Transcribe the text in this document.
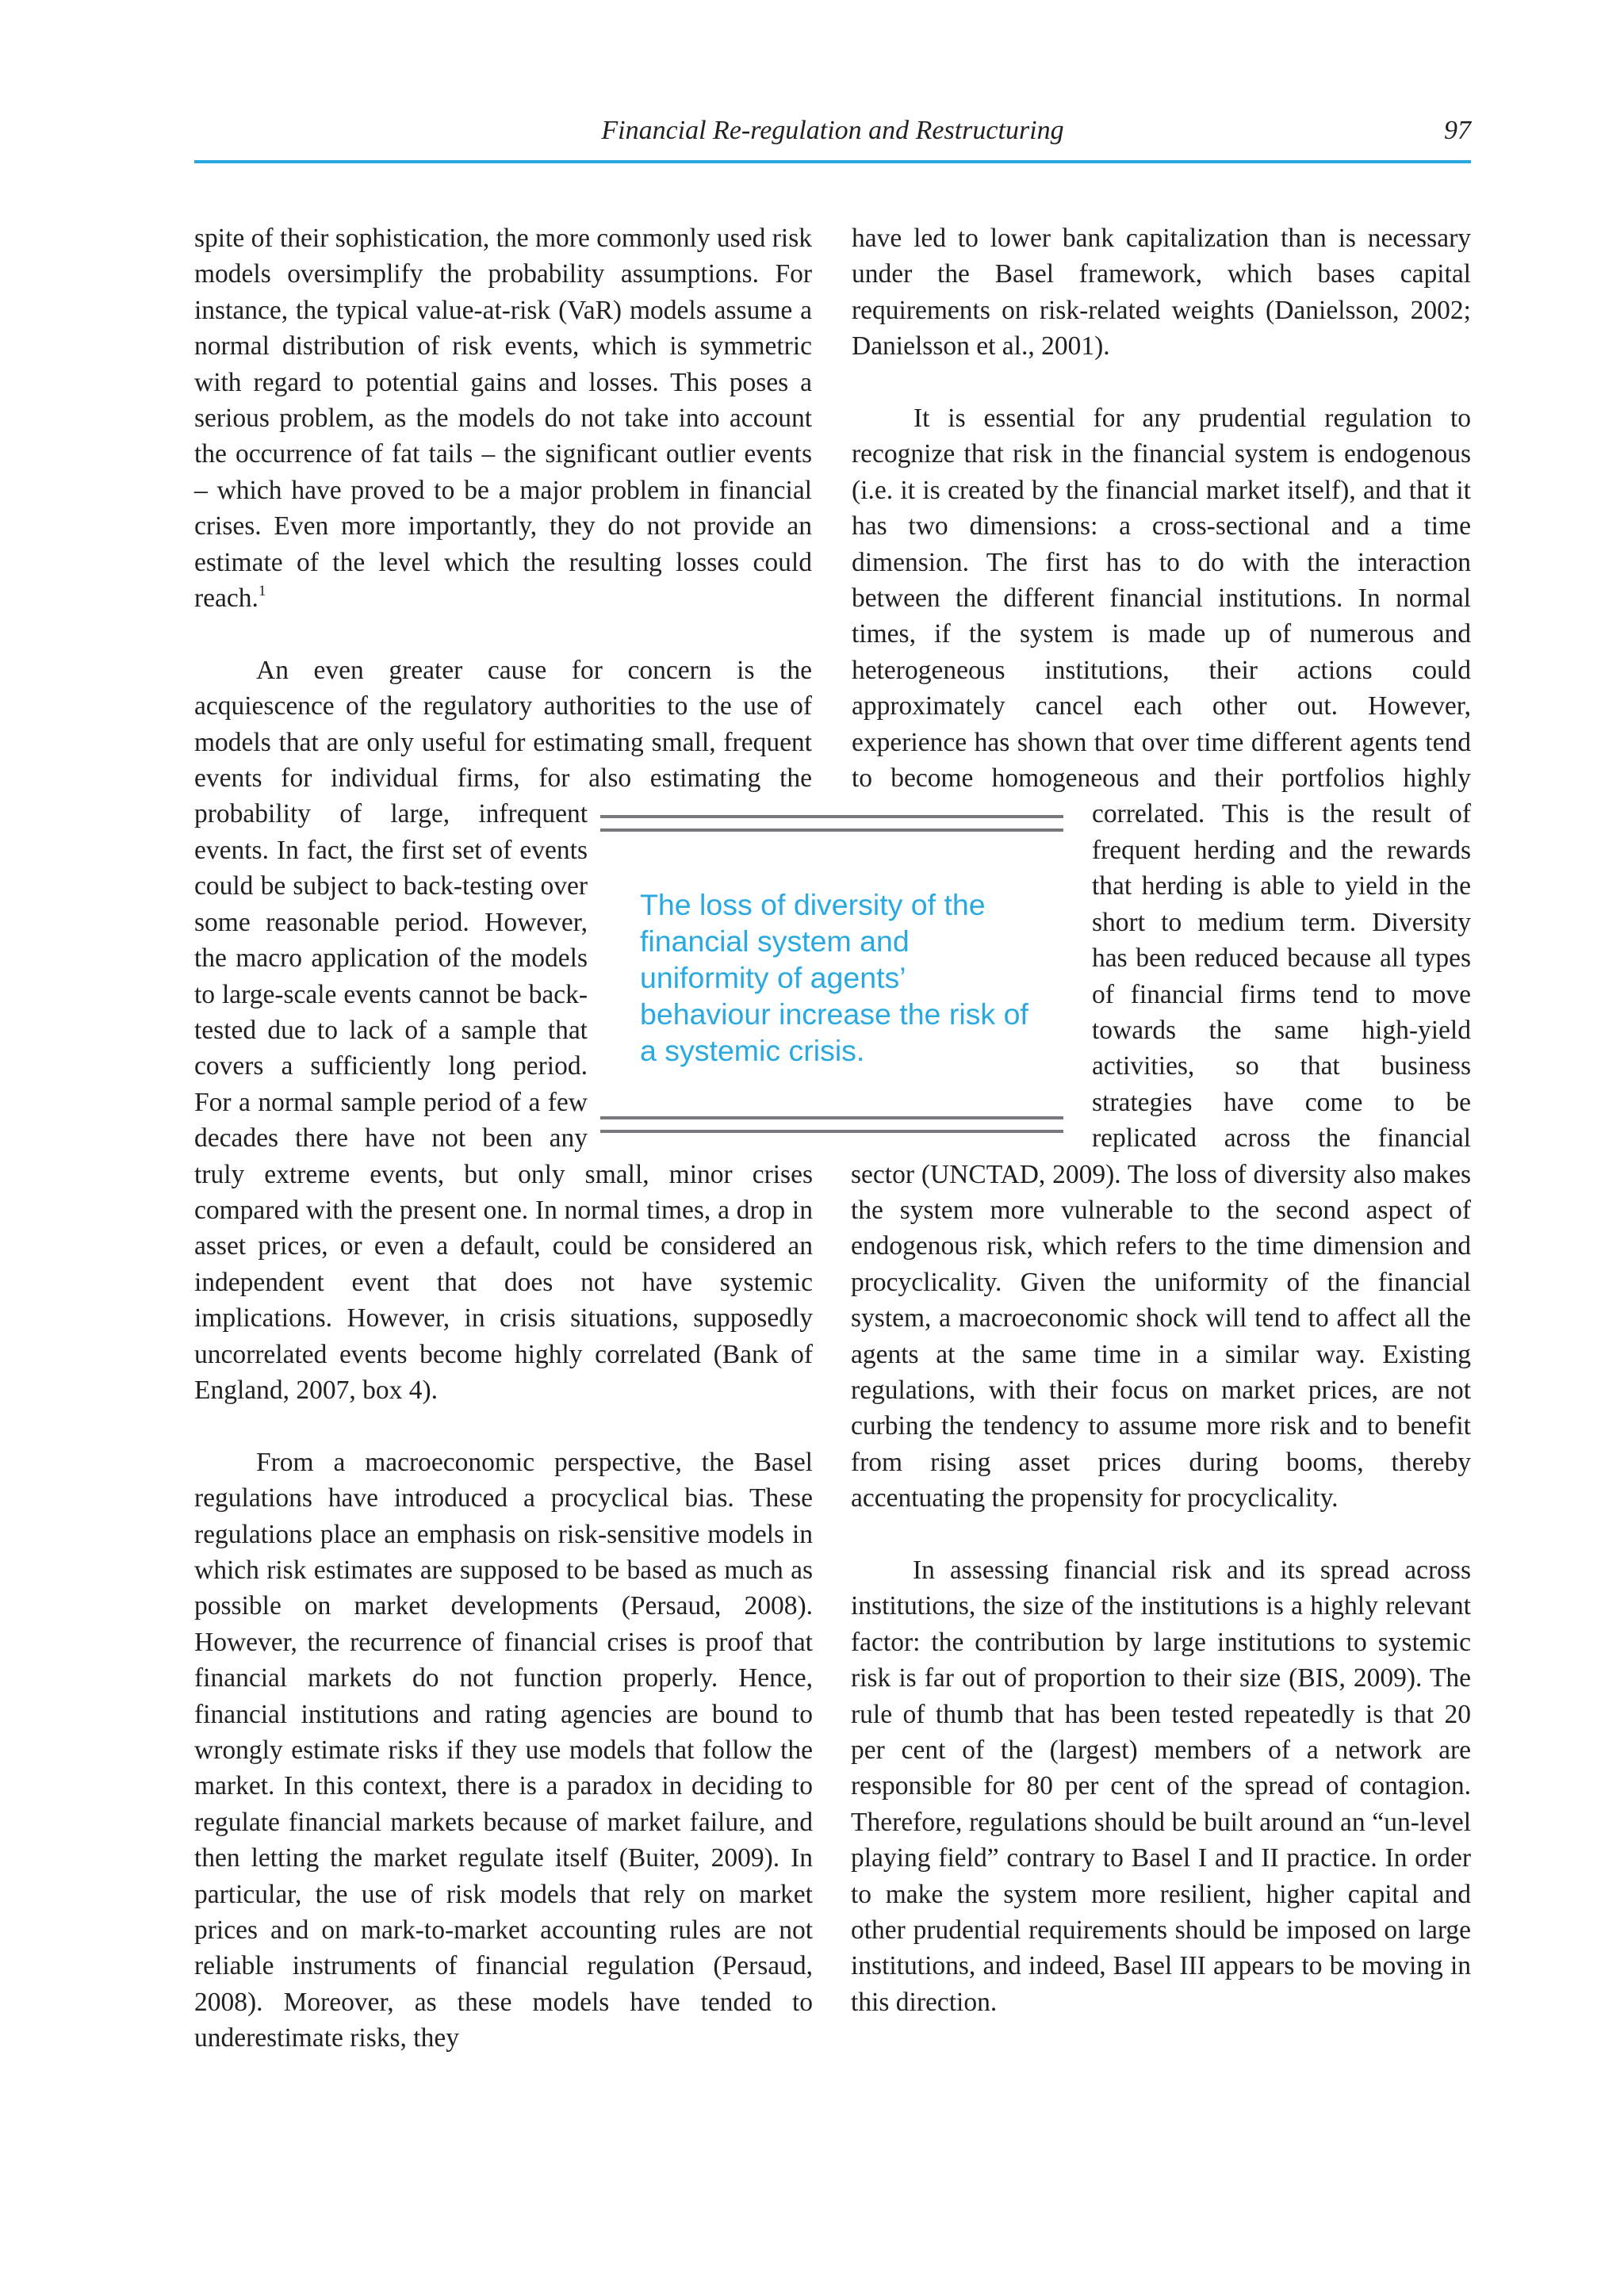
Financial Re-regulation and Restructuring	97

spite of their sophistication, the more commonly used risk models oversimplify the probability assumptions. For instance, the typical value-at-risk (VaR) models assume a normal distribution of risk events, which is symmetric with regard to potential gains and losses. This poses a serious problem, as the models do not take into account the occurrence of fat tails – the significant outlier events – which have proved to be a major problem in financial crises. Even more importantly, they do not provide an estimate of the level which the resulting losses could reach.$^1$

An even greater cause for concern is the acquiescence of the regulatory authorities to the use of models that are only useful for estimating small, frequent events for individual firms, for also estimating the probability of large, infrequent events. In fact, the first set of events could be subject to back-testing over some reasonable period. However, the macro application of the models to large-scale events cannot be back-tested due to lack of a sample that covers a sufficiently long period. For a normal sample period of a few decades there have not been any truly extreme events, but only small, minor crises compared with the present one. In normal times, a drop in asset prices, or even a default, could be considered an independent event that does not have systemic implications. However, in crisis situations, supposedly uncorrelated events become highly correlated (Bank of England, 2007, box 4).

From a macroeconomic perspective, the Basel regulations have introduced a procyclical bias. These regulations place an emphasis on risk-sensitive models in which risk estimates are supposed to be based as much as possible on market developments (Persaud, 2008). However, the recurrence of financial crises is proof that financial markets do not function properly. Hence, financial institutions and rating agencies are bound to wrongly estimate risks if they use models that follow the market. In this context, there is a paradox in deciding to regulate financial markets because of market failure, and then letting the market regulate itself (Buiter, 2009). In particular, the use of risk models that rely on market prices and on mark-to-market accounting rules are not reliable instruments of financial regulation (Persaud, 2008). Moreover, as these models have tended to underestimate risks, they

have led to lower bank capitalization than is necessary under the Basel framework, which bases capital requirements on risk-related weights (Danielsson, 2002; Danielsson et al., 2001).

It is essential for any prudential regulation to recognize that risk in the financial system is endogenous (i.e. it is created by the financial market itself), and that it has two dimensions: a cross-sectional and a time dimension. The first has to do with the interaction between the different financial institutions. In normal times, if the system is made up of numerous and heterogeneous institutions, their actions could approximately cancel each other out. However, experience has shown that over time different agents tend to become homogeneous and their portfolios highly correlated. This is the result of frequent herding and the rewards that herding is able to yield in the short to medium term. Diversity has been reduced because all types of financial firms tend to move towards the same high-yield activities, so that business strategies have come to be replicated across the financial sector (UNCTAD, 2009). The loss of diversity also makes the system more vulnerable to the second aspect of endogenous risk, which refers to the time dimension and procyclicality. Given the uniformity of the financial system, a macroeconomic shock will tend to affect all the agents at the same time in a similar way. Existing regulations, with their focus on market prices, are not curbing the tendency to assume more risk and to benefit from rising asset prices during booms, thereby accentuating the propensity for procyclicality.

In assessing financial risk and its spread across institutions, the size of the institutions is a highly relevant factor: the contribution by large institutions to systemic risk is far out of proportion to their size (BIS, 2009). The rule of thumb that has been tested repeatedly is that 20 per cent of the (largest) members of a network are responsible for 80 per cent of the spread of contagion. Therefore, regulations should be built around an “un-level playing field” contrary to Basel I and II practice. In order to make the system more resilient, higher capital and other prudential requirements should be imposed on large institutions, and indeed, Basel III appears to be moving in this direction.

The loss of diversity of the financial system and uniformity of agents’ behaviour increase the risk of a systemic crisis.
